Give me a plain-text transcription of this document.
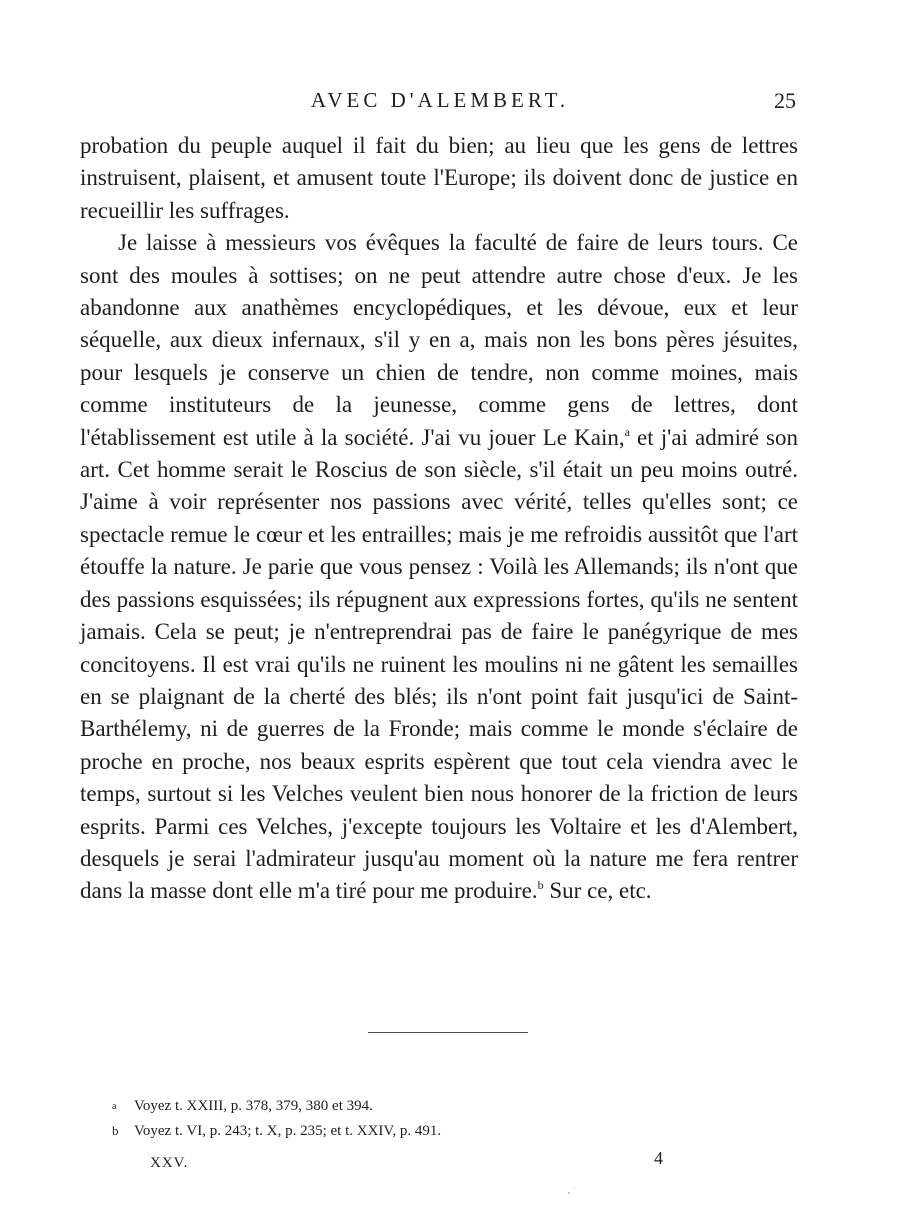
AVEC D'ALEMBERT.	25

probation du peuple auquel il fait du bien; au lieu que les gens de lettres instruisent, plaisent, et amusent toute l'Europe; ils doivent donc de justice en recueillir les suffrages.

Je laisse à messieurs vos évêques la faculté de faire de leurs tours. Ce sont des moules à sottises; on ne peut attendre autre chose d'eux. Je les abandonne aux anathèmes encyclopédiques, et les dévoue, eux et leur séquelle, aux dieux infernaux, s'il y en a, mais non les bons pères jésuites, pour lesquels je conserve un chien de tendre, non comme moines, mais comme instituteurs de la jeunesse, comme gens de lettres, dont l'établissement est utile à la société. J'ai vu jouer Le Kain,$^a$ et j'ai admiré son art. Cet homme serait le Roscius de son siècle, s'il était un peu moins outré. J'aime à voir représenter nos passions avec vérité, telles qu'elles sont; ce spectacle remue le cœur et les entrailles; mais je me refroidis aussitôt que l'art étouffe la nature. Je parie que vous pensez : Voilà les Allemands; ils n'ont que des passions esquissées; ils répugnent aux expressions fortes, qu'ils ne sentent jamais. Cela se peut; je n'entreprendrai pas de faire le panégyrique de mes concitoyens. Il est vrai qu'ils ne ruinent les moulins ni ne gâtent les semailles en se plaignant de la cherté des blés; ils n'ont point fait jusqu'ici de Saint-Barthélemy, ni de guerres de la Fronde; mais comme le monde s'éclaire de proche en proche, nos beaux esprits espèrent que tout cela viendra avec le temps, surtout si les Velches veulent bien nous honorer de la friction de leurs esprits. Parmi ces Velches, j'excepte toujours les Voltaire et les d'Alembert, desquels je serai l'admirateur jusqu'au moment où la nature me fera rentrer dans la masse dont elle m'a tiré pour me produire.$^b$ Sur ce, etc.

a Voyez t. XXIII, p. 378, 379, 380 et 394.
b Voyez t. VI, p. 243; t. X, p. 235; et t. XXIV, p. 491.
XXV.	4
